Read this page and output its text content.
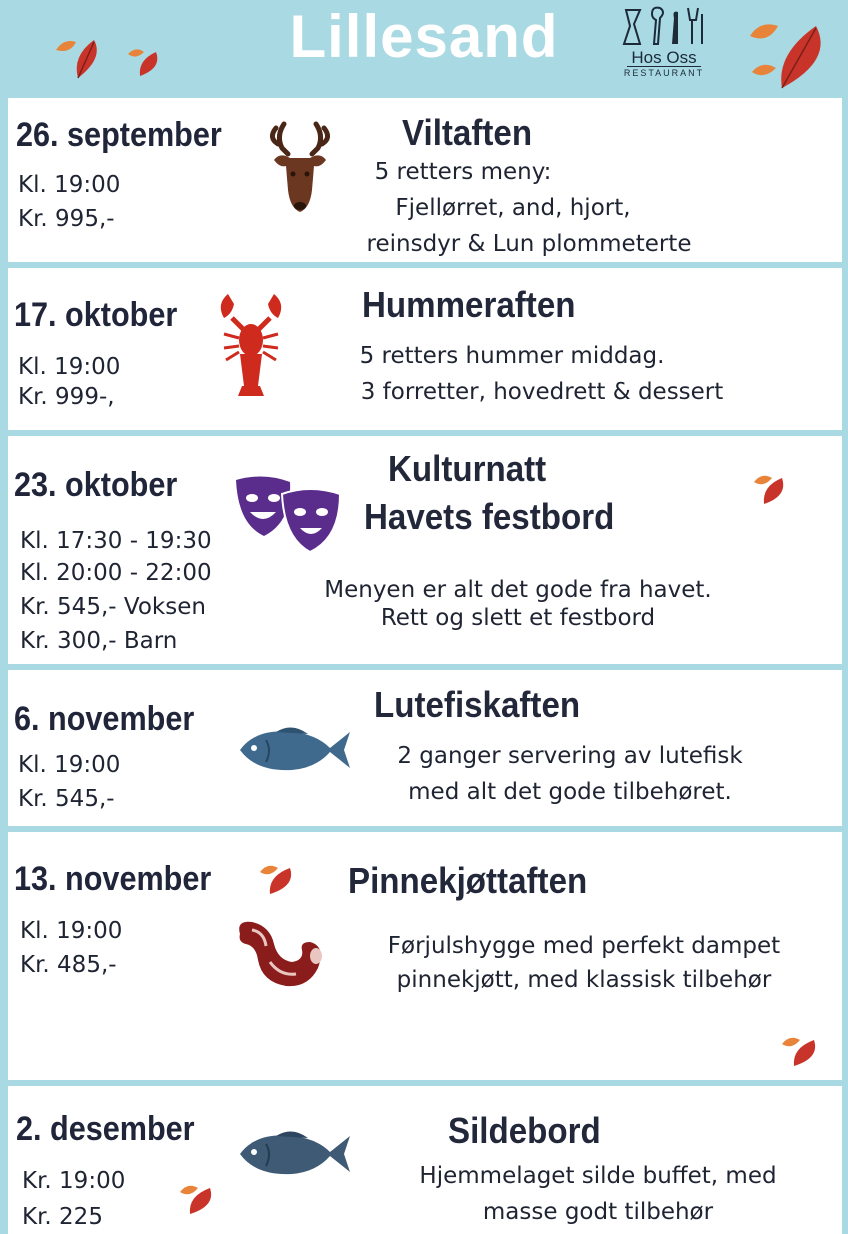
Lillesand	Hos Oss
RESTAURANT
26. september
Kl. 19:00
Kr. 995,-
Viltaften
5 retters meny:
Fjellørret, and, hjort,
reinsdyr & Lun plommeterte
17. oktober
Kl. 19:00
Kr. 999-,
Hummeraften
5 retters hummer middag.
3 forretter, hovedrett & dessert
23. oktober
Kl. 17:30 - 19:30
Kl. 20:00 - 22:00
Kr. 545,- Voksen
Kr. 300,- Barn
Kulturnatt
Havets festbord
Menyen er alt det gode fra havet.
Rett og slett et festbord
6. november
Kl. 19:00
Kr. 545,-
Lutefiskaften
2 ganger servering av lutefisk
med alt det gode tilbehøret.
13. november
Kl. 19:00
Kr. 485,-
Pinnekjøttaften
Førjulshygge med perfekt dampet
pinnekjøtt, med klassisk tilbehør
2. desember
Kr. 19:00
Kr. 225
Sildebord
Hjemmelaget silde buffet, med
masse godt tilbehør
